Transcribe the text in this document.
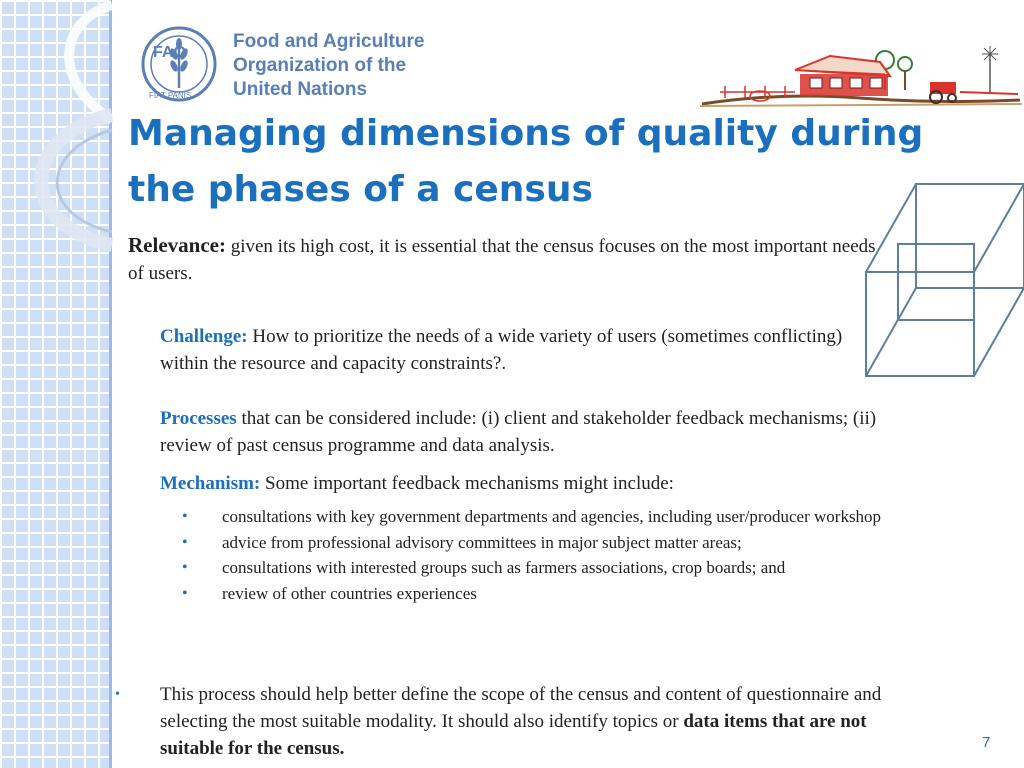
FAO
FIAT PANIS
Food and Agriculture
Organization of the
United Nations
Managing dimensions of quality during
the phases of a census
Relevance: given its high cost, it is essential that the census focuses on the most important needs of users.
Challenge: How to prioritize the needs of a wide variety of users (sometimes conflicting) within the resource and capacity constraints?.
Processes that can be considered include: (i) client and stakeholder feedback mechanisms; (ii) review of past census programme and data analysis.
Mechanism: Some important feedback mechanisms might include:
• consultations with key government departments and agencies, including user/producer workshop
• advice from professional advisory committees in major subject matter areas;
• consultations with interested groups such as farmers associations, crop boards; and
• review of other countries experiences
• This process should help better define the scope of the census and content of questionnaire and selecting the most suitable modality. It should also identify topics or data items that are not suitable for the census.	7
